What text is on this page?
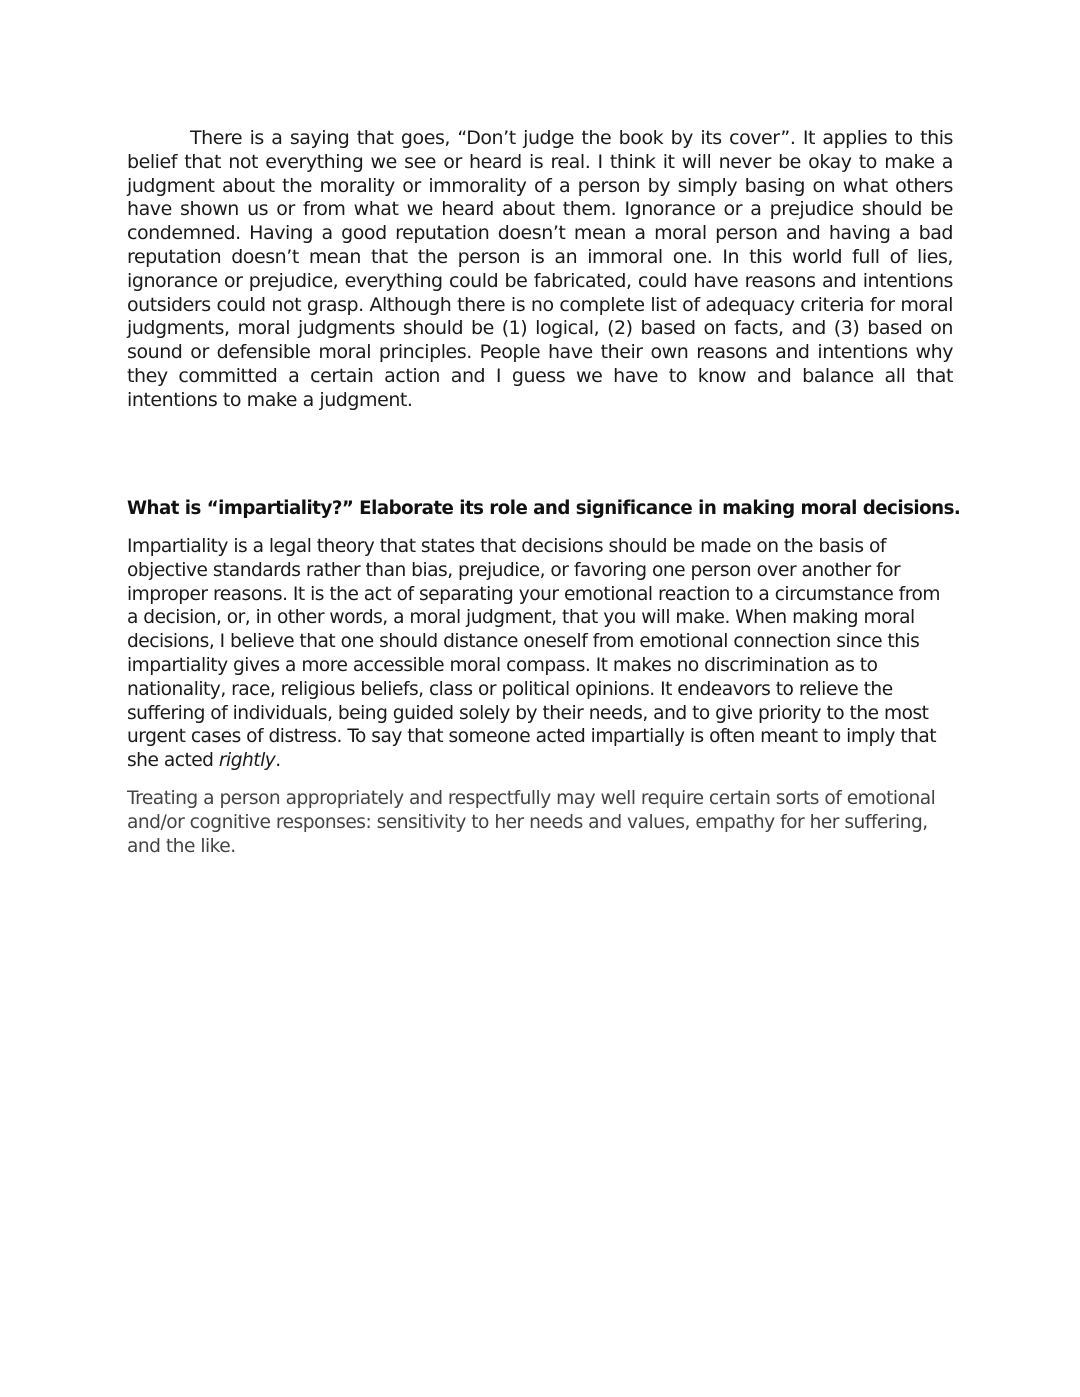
There is a saying that goes, “Don’t judge the book by its cover”. It applies to this belief that not everything we see or heard is real. I think it will never be okay to make a judgment about the morality or immorality of a person by simply basing on what others have shown us or from what we heard about them. Ignorance or a prejudice should be condemned. Having a good reputation doesn’t mean a moral person and having a bad reputation doesn’t mean that the person is an immoral one. In this world full of lies, ignorance or prejudice, everything could be fabricated, could have reasons and intentions outsiders could not grasp. Although there is no complete list of adequacy criteria for moral judgments, moral judgments should be (1) logical, (2) based on facts, and (3) based on sound or defensible moral principles. People have their own reasons and intentions why they committed a certain action and I guess we have to know and balance all that intentions to make a judgment.

What is “impartiality?” Elaborate its role and significance in making moral decisions.

Impartiality is a legal theory that states that decisions should be made on the basis of objective standards rather than bias, prejudice, or favoring one person over another for improper reasons. It is the act of separating your emotional reaction to a circumstance from a decision, or, in other words, a moral judgment, that you will make. When making moral decisions, I believe that one should distance oneself from emotional connection since this impartiality gives a more accessible moral compass. It makes no discrimination as to nationality, race, religious beliefs, class or political opinions. It endeavors to relieve the suffering of individuals, being guided solely by their needs, and to give priority to the most urgent cases of distress. To say that someone acted impartially is often meant to imply that she acted rightly.

Treating a person appropriately and respectfully may well require certain sorts of emotional and/or cognitive responses: sensitivity to her needs and values, empathy for her suffering, and the like.
